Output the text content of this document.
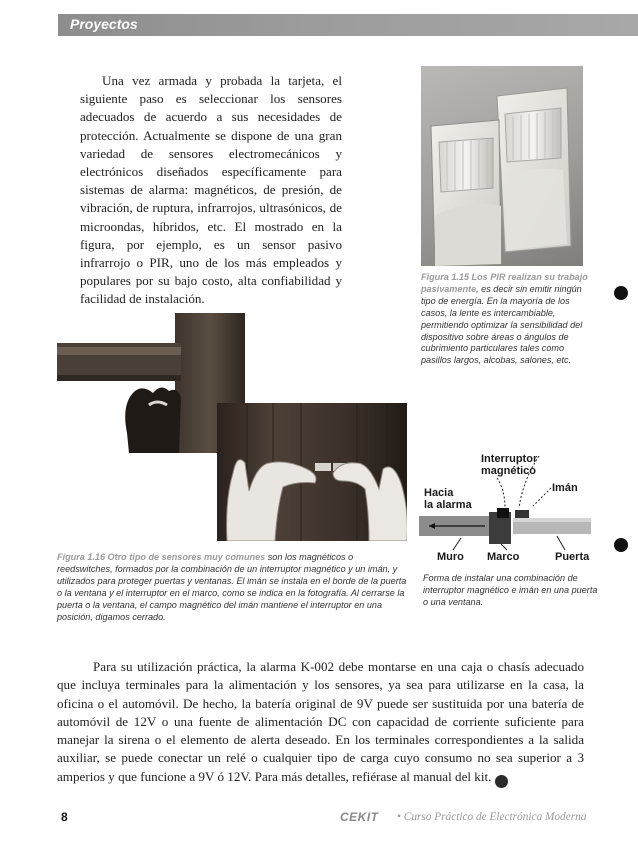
Proyectos
Una vez armada y probada la tarjeta, el siguiente paso es seleccionar los sensores adecuados de acuerdo a sus necesidades de protección. Actualmente se dispone de una gran variedad de sensores electromecánicos y electrónicos diseñados específicamente para sistemas de alarma: magnéticos, de presión, de vibración, de ruptura, infrarrojos, ultrasónicos, de microondas, híbridos, etc. El mostrado en la figura, por ejemplo, es un sensor pasivo infrarrojo o PIR, uno de los más empleados y populares por su bajo costo, alta confiabilidad y facilidad de instalación.
Figura 1.15 Los PIR realizan su trabajo pasivamente, es decir sin emitir ningún tipo de energía. En la mayoría de los casos, la lente es intercambiable, permitiendo optimizar la sensibilidad del dispositivo sobre áreas o ángulos de cubrimiento particulares tales como pasillos largos, alcobas, salones, etc.
Figura 1.16 Otro tipo de sensores muy comunes son los magnéticos o reedswitches, formados por la combinación de un interruptor magnético y un imán, y utilizados para proteger puertas y ventanas. El imán se instala en el borde de la puerta o la ventana y el interruptor en el marco, como se indica en la fotografía. Al cerrarse la puerta o la ventana, el campo magnético del imán mantiene el interruptor en una posición, digamos cerrado.
Interruptor
magnético
Imán
Hacia
la alarma
Muro Marco	Puerta
Forma de instalar una combinación de interruptor magnético e imán en una puerta o una ventana.
Para su utilización práctica, la alarma K-002 debe montarse en una caja o chasís adecuado que incluya terminales para la alimentación y los sensores, ya sea para utilizarse en la casa, la oficina o el automóvil. De hecho, la batería original de 9V puede ser sustituida por una batería de automóvil de 12V o una fuente de alimentación DC con capacidad de corriente suficiente para manejar la sirena o el elemento de alerta deseado. En los terminales correspondientes a la salida auxiliar, se puede conectar un relé o cualquier tipo de carga cuyo consumo no sea superior a 3 amperios y que funcione a 9V ó 12V. Para más detalles, refiérase al manual del kit.	➜
8	CEKIT • Curso Práctico de Electrónica Moderna
